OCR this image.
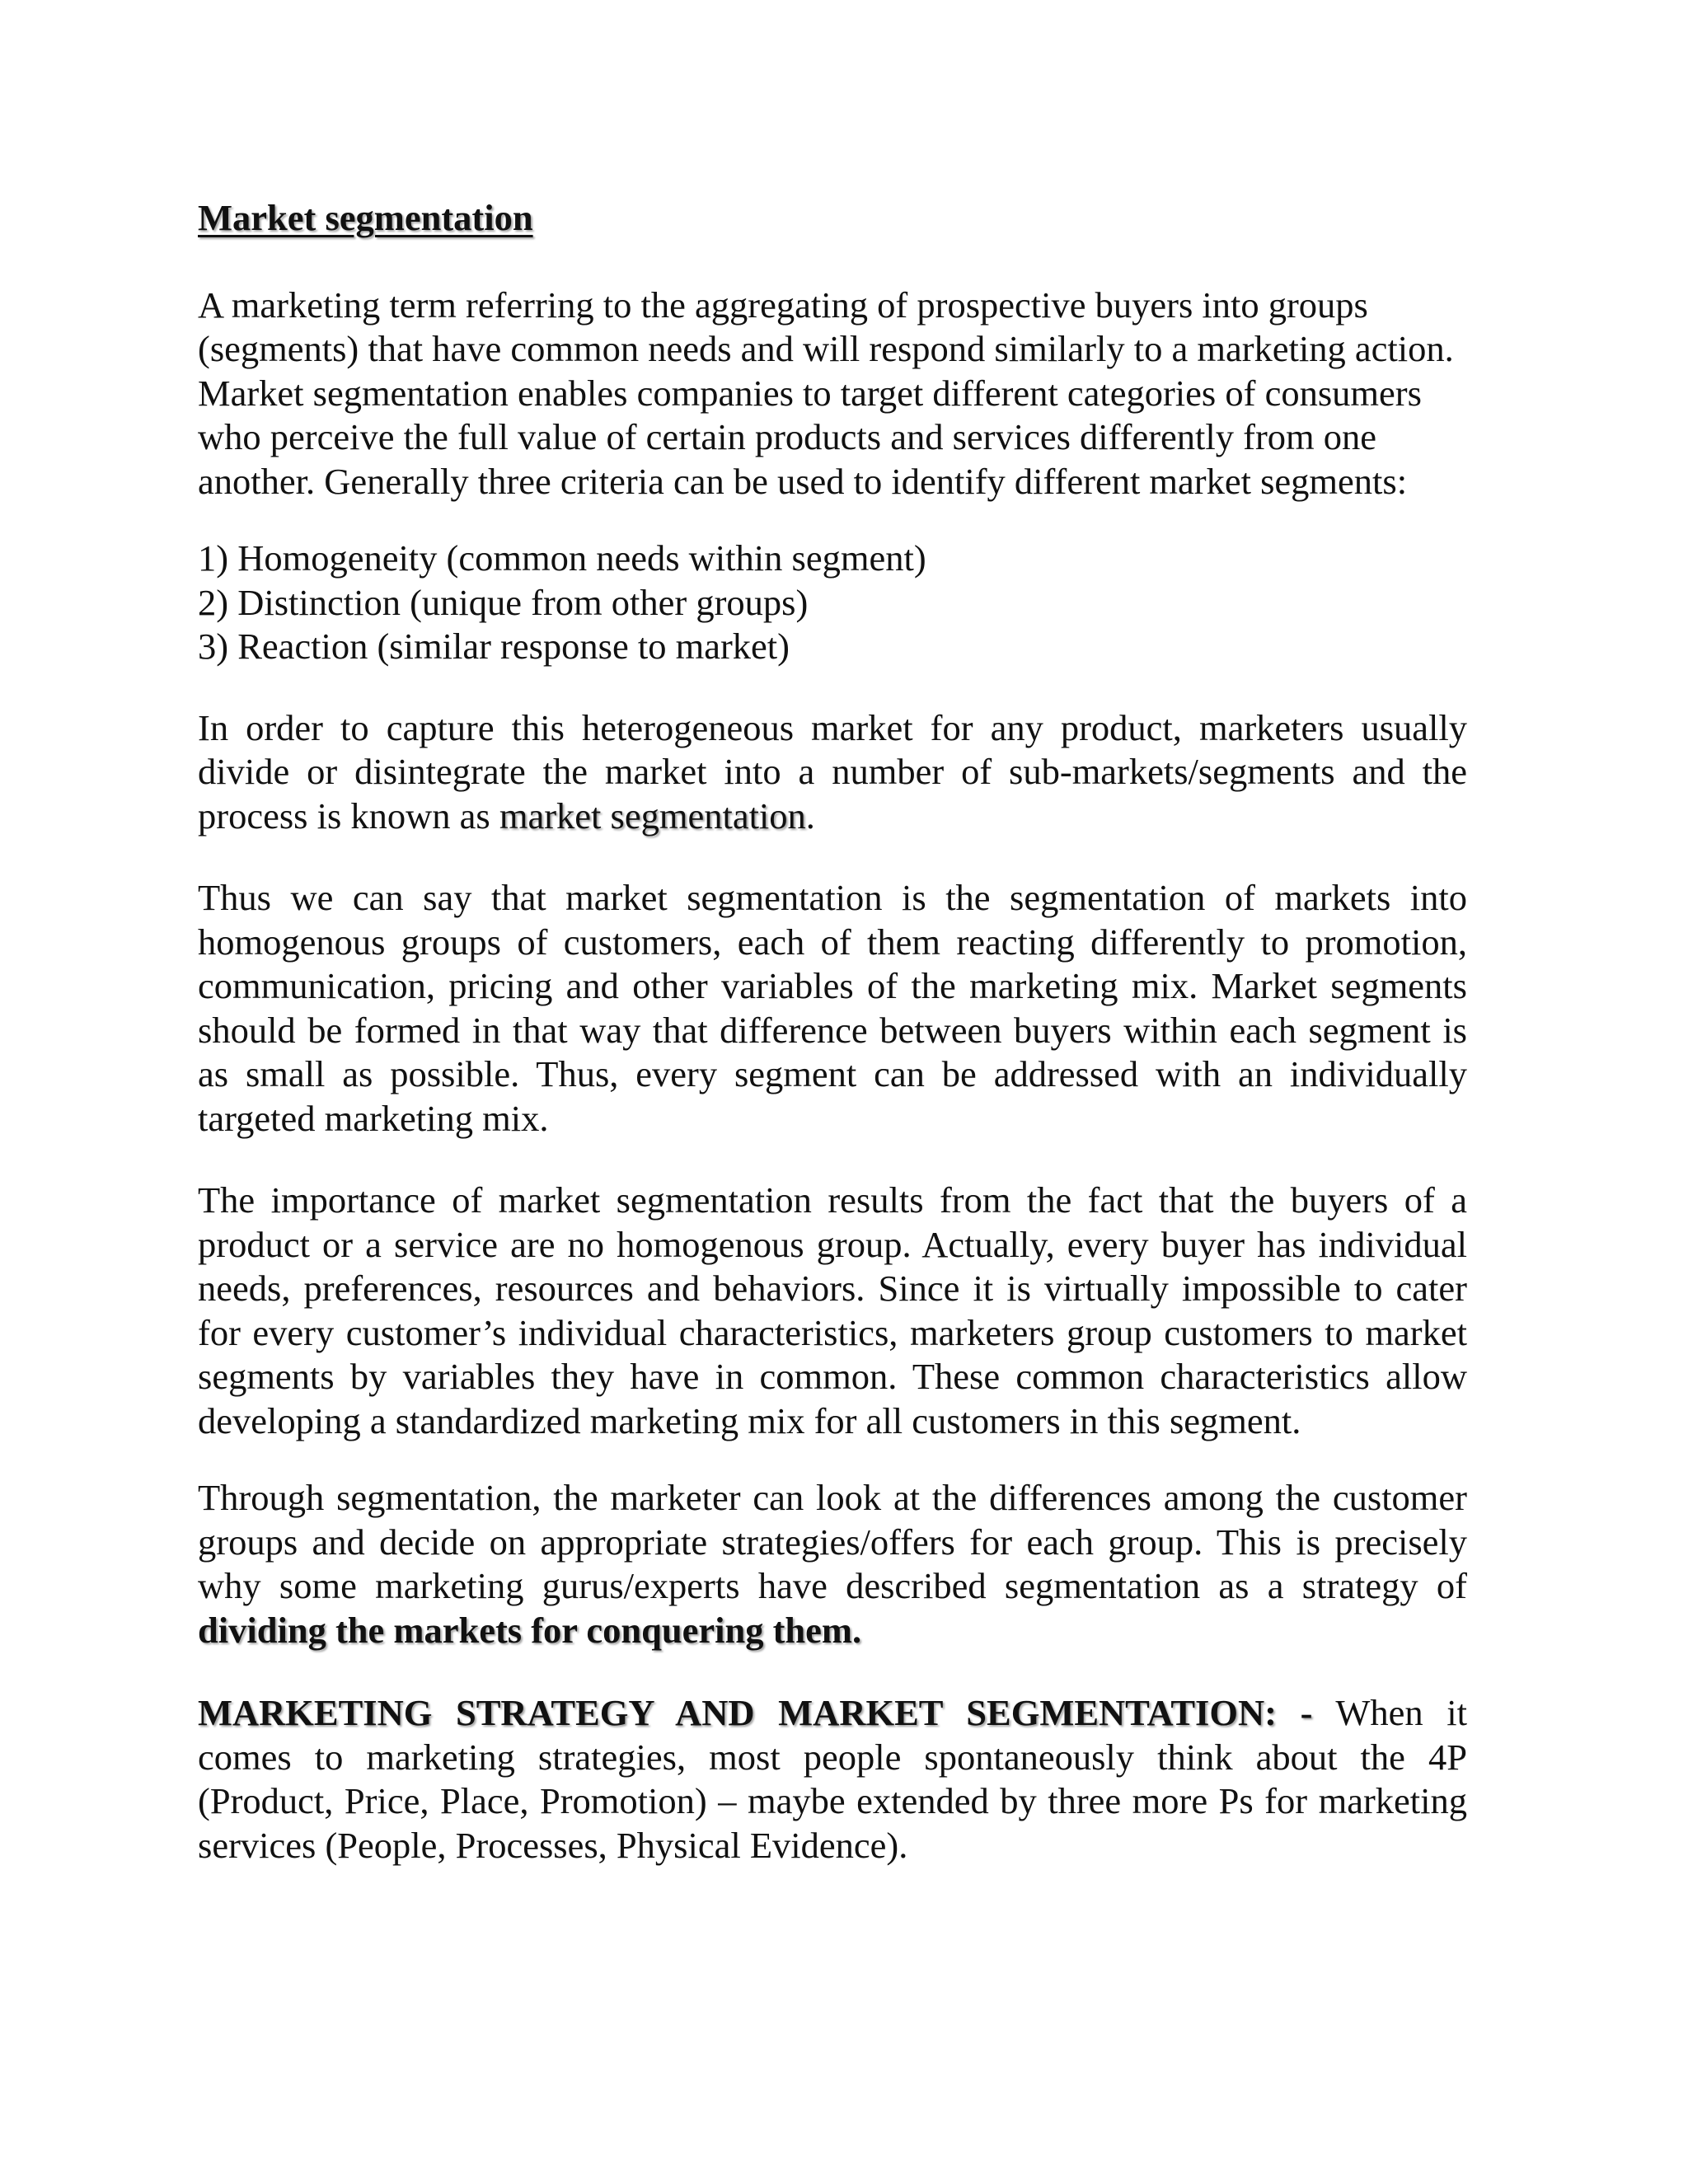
Market segmentation

A marketing term referring to the aggregating of prospective buyers into groups (segments) that have common needs and will respond similarly to a marketing action. Market segmentation enables companies to target different categories of consumers who perceive the full value of certain products and services differently from one another. Generally three criteria can be used to identify different market segments:

1) Homogeneity (common needs within segment)
2) Distinction (unique from other groups)
3) Reaction (similar response to market)

In order to capture this heterogeneous market for any product, marketers usually divide or disintegrate the market into a number of sub-markets/segments and the process is known as market segmentation.

Thus we can say that market segmentation is the segmentation of markets into homogenous groups of customers, each of them reacting differently to promotion, communication, pricing and other variables of the marketing mix. Market segments should be formed in that way that difference between buyers within each segment is as small as possible. Thus, every segment can be addressed with an individually targeted marketing mix.

The importance of market segmentation results from the fact that the buyers of a product or a service are no homogenous group. Actually, every buyer has individual needs, preferences, resources and behaviors. Since it is virtually impossible to cater for every customer’s individual characteristics, marketers group customers to market segments by variables they have in common. These common characteristics allow developing a standardized marketing mix for all customers in this segment.

Through segmentation, the marketer can look at the differences among the customer groups and decide on appropriate strategies/offers for each group. This is precisely why some marketing gurus/experts have described segmentation as a strategy of dividing the markets for conquering them.

MARKETING STRATEGY AND MARKET SEGMENTATION: - When it comes to marketing strategies, most people spontaneously think about the 4P (Product, Price, Place, Promotion) – maybe extended by three more Ps for marketing services (People, Processes, Physical Evidence).
